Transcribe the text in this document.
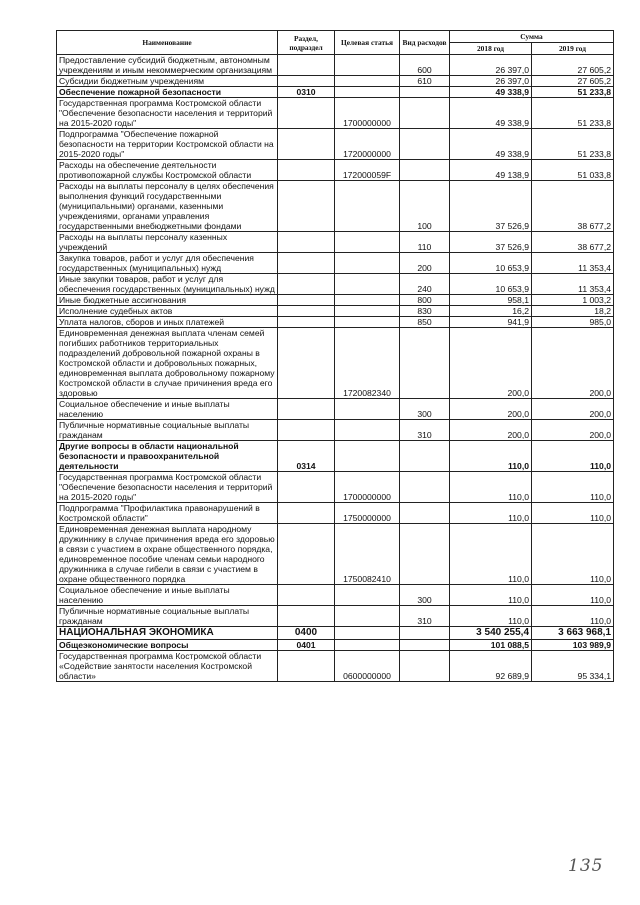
Наименование	Раздел, подраздел	Целевая статья	Вид расходов	Сумма	
				2018 год	2019 год
Предоставление субсидий бюджетным, автономным учреждениям и иным некоммерческим организациям			600	26 397,0	27 605,2
Субсидии бюджетным учреждениям			610	26 397,0	27 605,2
Обеспечение пожарной безопасности	0310			49 338,9	51 233,8
Государственная программа Костромской области "Обеспечение безопасности населения и территорий на 2015-2020 годы"		1700000000		49 338,9	51 233,8
Подпрограмма "Обеспечение пожарной безопасности на территории Костромской области на 2015-2020 годы"		1720000000		49 338,9	51 233,8
Расходы на обеспечение деятельности противопожарной службы Костромской области		172000059F		49 138,9	51 033,8
Расходы на выплаты персоналу в целях обеспечения выполнения функций государственными (муниципальными) органами, казенными учреждениями, органами управления государственными внебюджетными фондами			100	37 526,9	38 677,2
Расходы на выплаты персоналу казенных учреждений			110	37 526,9	38 677,2
Закупка товаров, работ и услуг для обеспечения государственных (муниципальных) нужд			200	10 653,9	11 353,4
Иные закупки товаров, работ и услуг для обеспечения государственных (муниципальных) нужд			240	10 653,9	11 353,4
Иные бюджетные ассигнования			800	958,1	1 003,2
Исполнение судебных актов			830	16,2	18,2
Уплата налогов, сборов и иных платежей			850	941,9	985,0
Единовременная денежная выплата членам семей погибших работников территориальных подразделений добровольной пожарной охраны в Костромской области и добровольных пожарных, единовременная выплата добровольному пожарному Костромской области в случае причинения вреда его здоровью		1720082340		200,0	200,0
Социальное обеспечение и иные выплаты населению			300	200,0	200,0
Публичные нормативные социальные выплаты гражданам			310	200,0	200,0
Другие вопросы в области национальной безопасности и правоохранительной деятельности	0314			110,0	110,0
Государственная программа Костромской области "Обеспечение безопасности населения и территорий на 2015-2020 годы"		1700000000		110,0	110,0
Подпрограмма "Профилактика правонарушений в Костромской области"		1750000000		110,0	110,0
Единовременная денежная выплата народному дружиннику в случае причинения вреда его здоровью в связи с участием в охране общественного порядка, единовременное пособие членам семьи народного дружинника в случае гибели в связи с участием в охране общественного порядка		1750082410		110,0	110,0
Социальное обеспечение и иные выплаты населению			300	110,0	110,0
Публичные нормативные социальные выплаты гражданам			310	110,0	110,0
НАЦИОНАЛЬНАЯ ЭКОНОМИКА	0400			3 540 255,4	3 663 968,1
Общеэкономические вопросы	0401			101 088,5	103 989,9
Государственная программа Костромской области «Содействие занятости населения Костромской области»		0600000000		92 689,9	95 334,1
135
